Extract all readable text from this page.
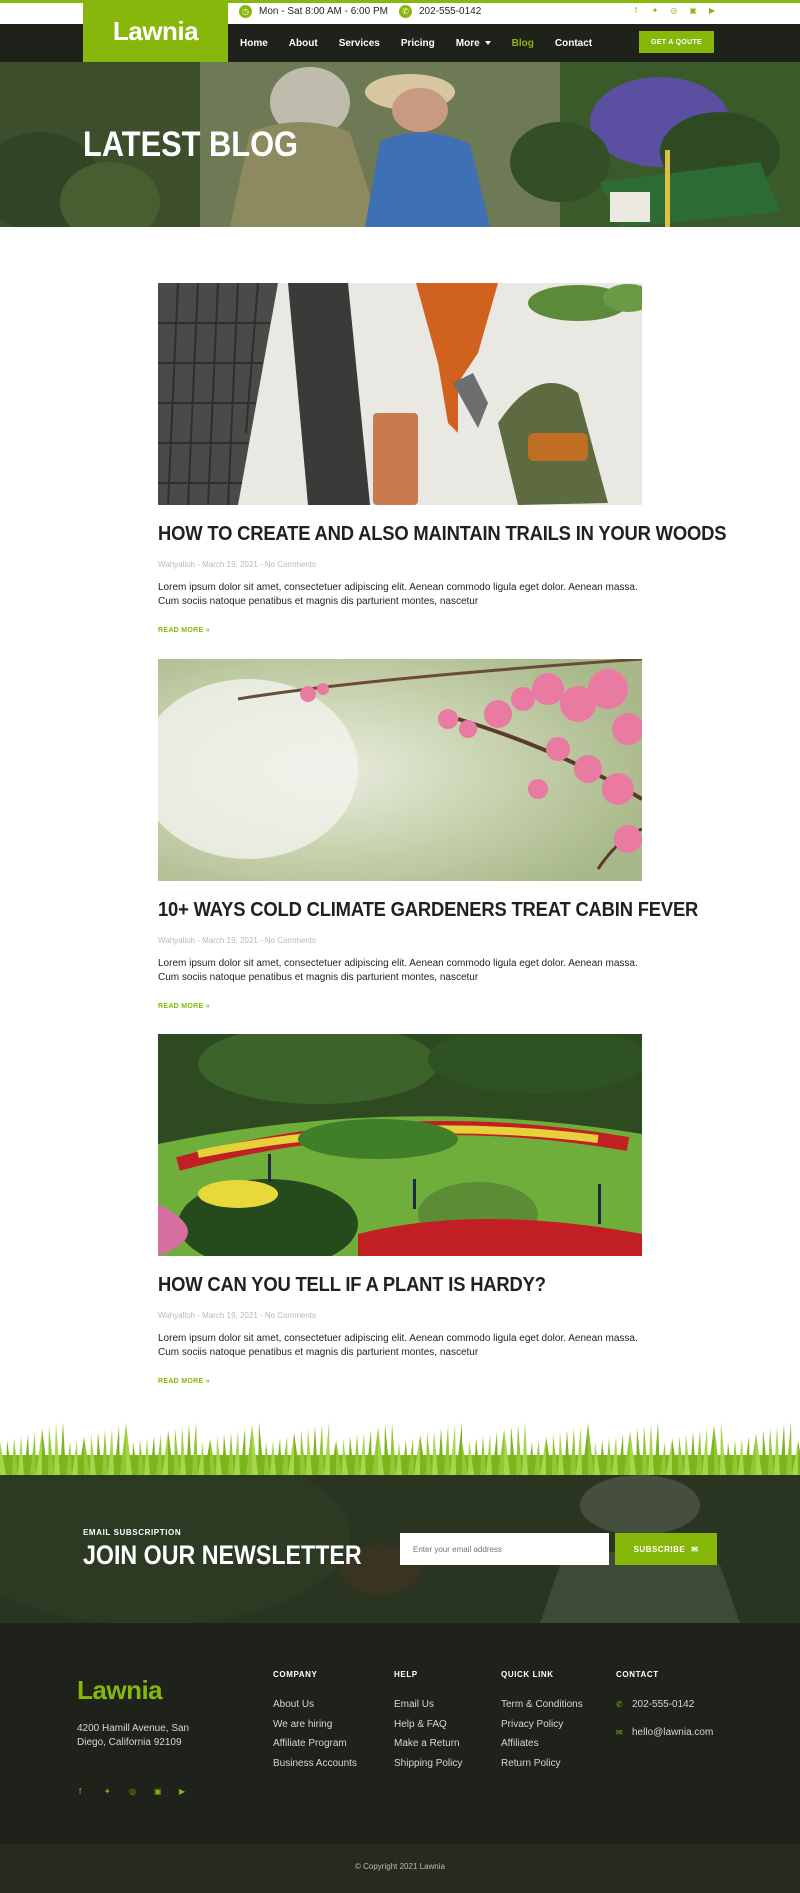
Lawnia
◷	Mon - Sat 8:00 AM - 6:00 PM	✆	202-555-0142	f	✦ ◎ ▣ ▶
Home About Services Pricing More	Blog Contact	GET A QOUTE
LATEST BLOG
HOW TO CREATE AND ALSO MAINTAIN TRAILS IN YOUR WOODS
Wahyalloh - March 19, 2021 - No Comments

Lorem ipsum dolor sit amet, consectetuer adipiscing elit. Aenean commodo ligula eget dolor. Aenean massa. Cum sociis natoque penatibus et magnis dis parturient montes, nascetur

READ MORE »
10+ WAYS COLD CLIMATE GARDENERS TREAT CABIN FEVER
Wahyalloh - March 19, 2021 - No Comments

Lorem ipsum dolor sit amet, consectetuer adipiscing elit. Aenean commodo ligula eget dolor. Aenean massa. Cum sociis natoque penatibus et magnis dis parturient montes, nascetur

READ MORE »
HOW CAN YOU TELL IF A PLANT IS HARDY?
Wahyalloh - March 19, 2021 - No Comments

Lorem ipsum dolor sit amet, consectetuer adipiscing elit. Aenean commodo ligula eget dolor. Aenean massa. Cum sociis natoque penatibus et magnis dis parturient montes, nascetur

READ MORE »
EMAIL SUBSCRIPTION
JOIN OUR NEWSLETTER
Enter your email address	SUBSCRIBE ✉
Lawnia
4200 Hamill Avenue, San Diego, California 92109
f	✦ ◎ ▣ ▶
COMPANY
About Us
We are hiring
Affiliate Program
Business Accounts
HELP
Email Us
Help & FAQ
Make a Return
Shipping Policy
QUICK LINK
Term & Conditions
Privacy Policy
Affiliates
Return Policy
CONTACT
✆ 202-555-0142
✉ hello@lawnia.com
© Copyright 2021 Lawnia
